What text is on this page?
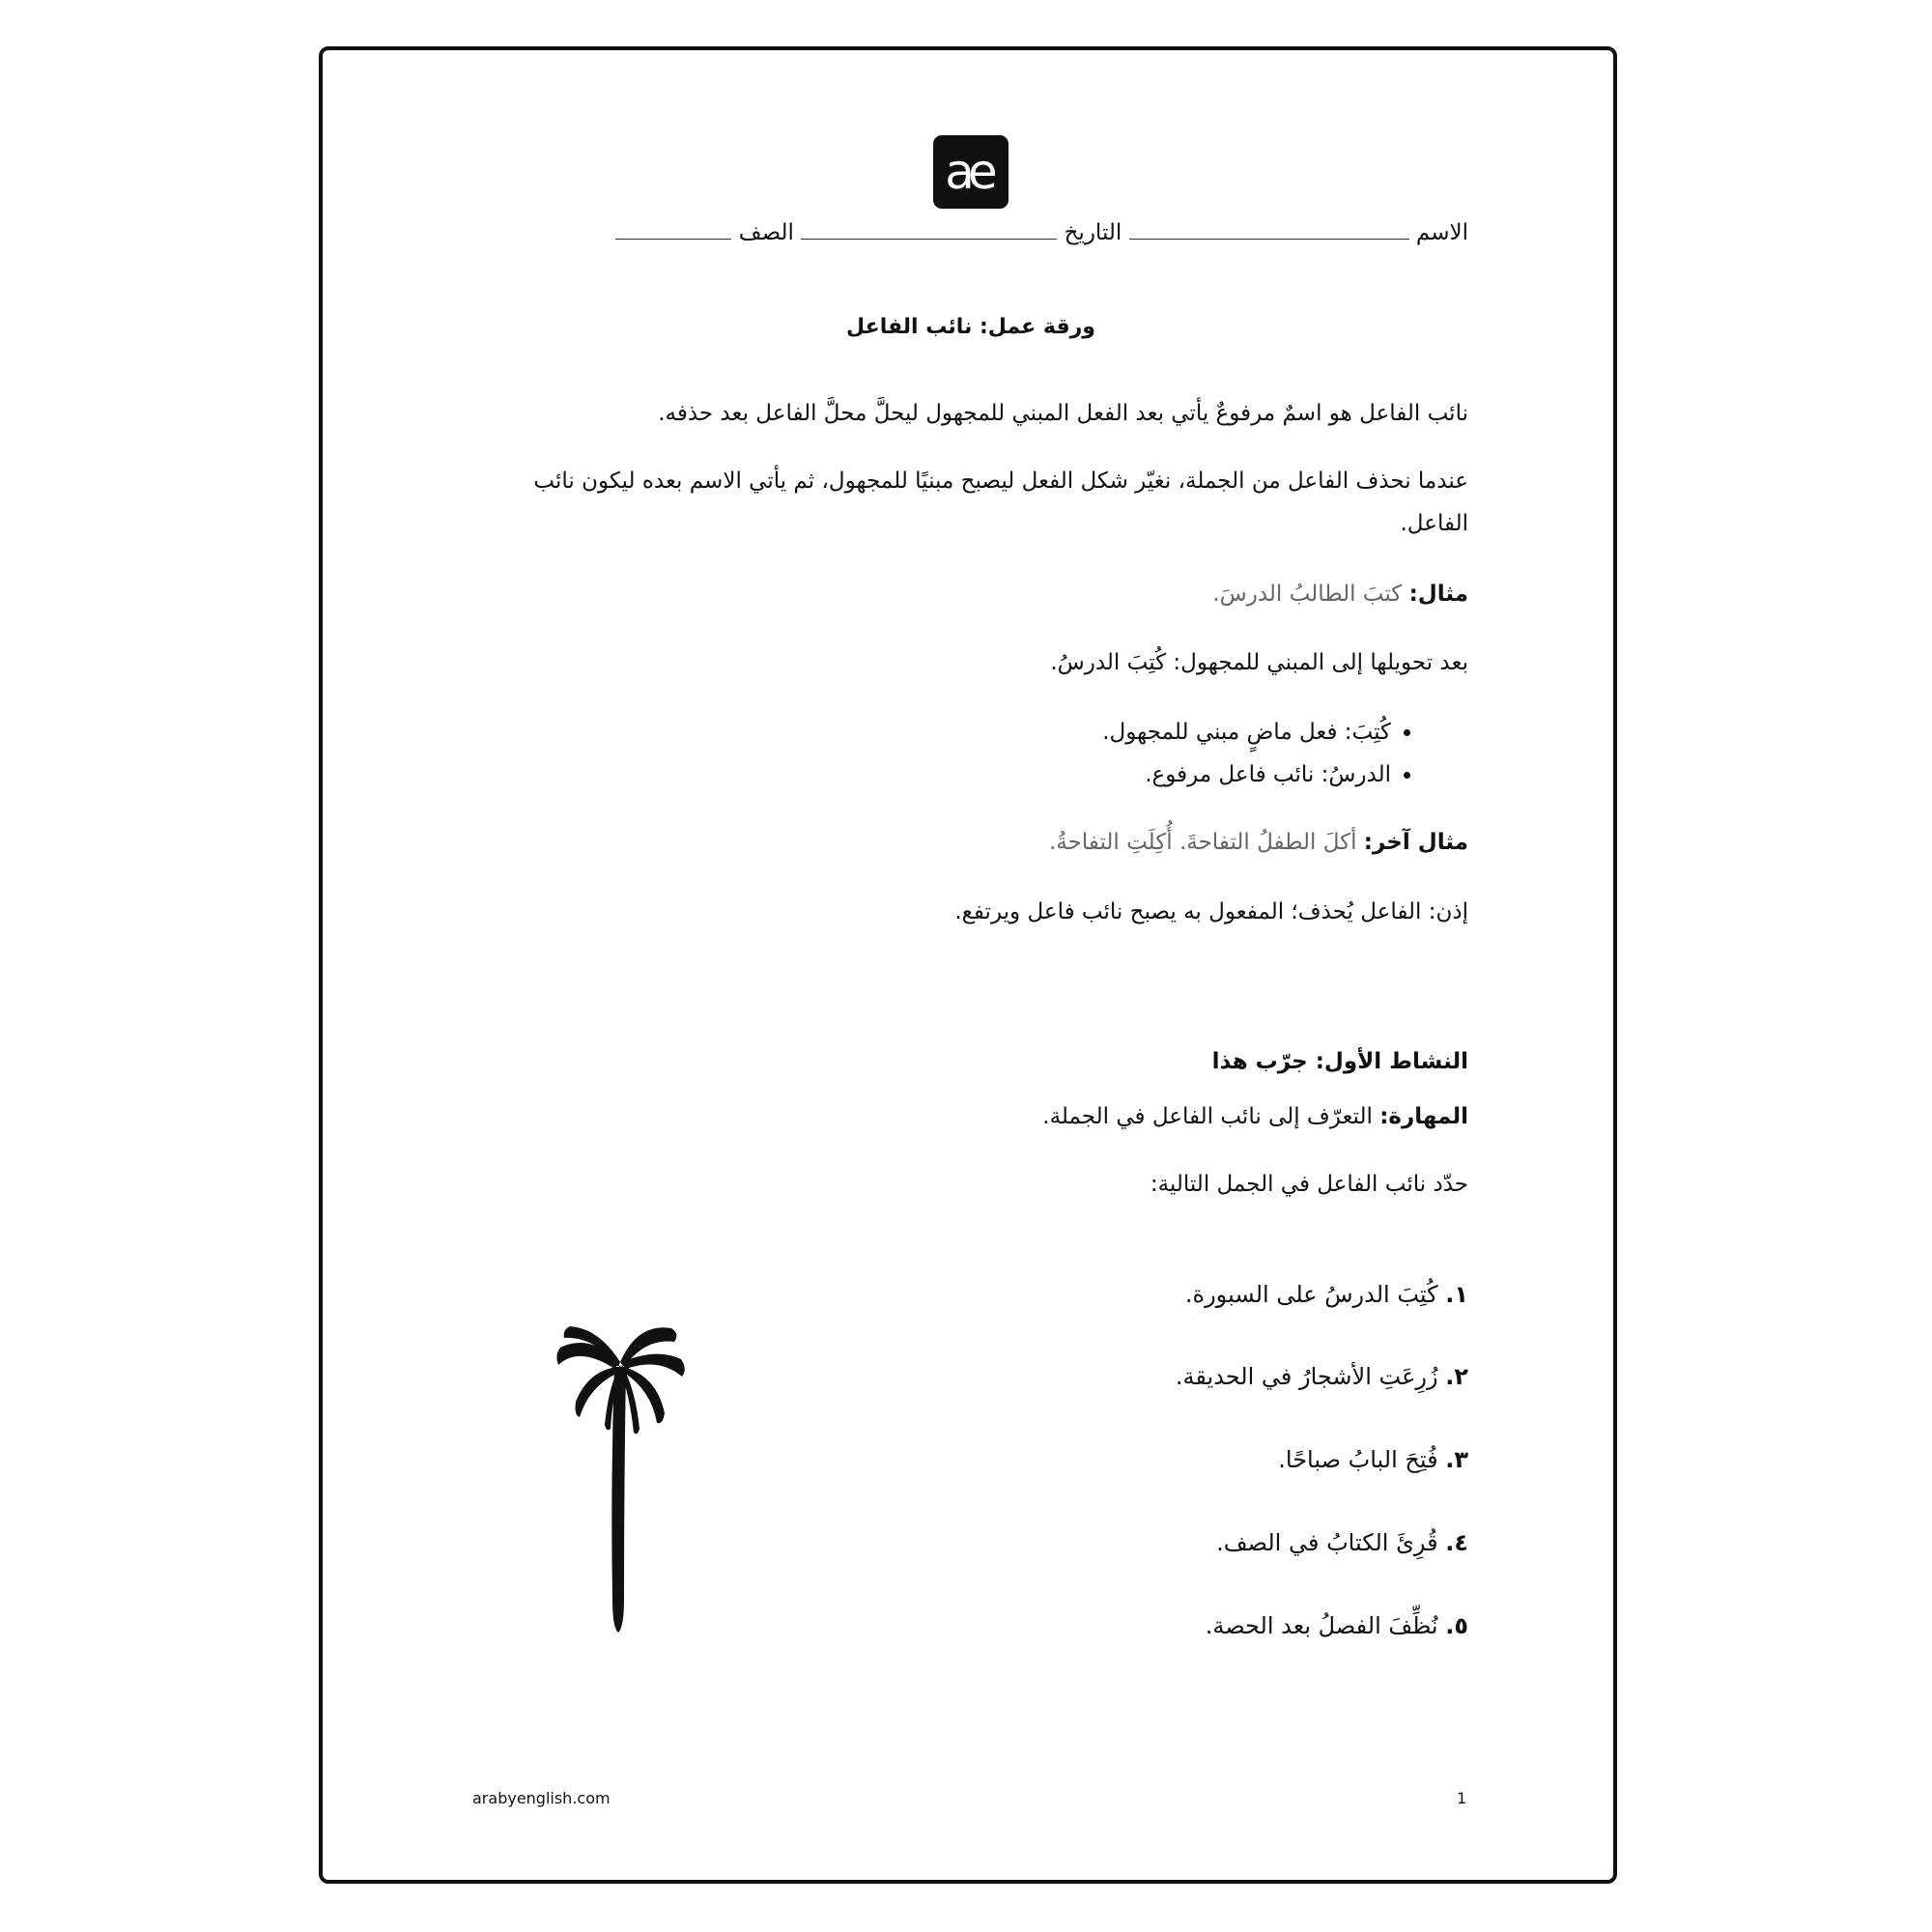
ae
الاسم  التاريخ  الصف
ورقة عمل: نائب الفاعل
نائب الفاعل هو اسمٌ مرفوعٌ يأتي بعد الفعل المبني للمجهول ليحلَّ محلَّ الفاعل بعد حذفه.
عندما نحذف الفاعل من الجملة، نغيّر شكل الفعل ليصبح مبنيًا للمجهول، ثم يأتي الاسم بعده ليكون نائب الفاعل.
مثال: كتبَ الطالبُ الدرسَ.
بعد تحويلها إلى المبني للمجهول: كُتِبَ الدرسُ.
• كُتِبَ: فعل ماضٍ مبني للمجهول.
• الدرسُ: نائب فاعل مرفوع.
مثال آخر: أكلَ الطفلُ التفاحةَ. أُكِلَتِ التفاحةُ.
إذن: الفاعل يُحذف؛ المفعول به يصبح نائب فاعل ويرتفع.
النشاط الأول: جرّب هذا
المهارة: التعرّف إلى نائب الفاعل في الجملة.
حدّد نائب الفاعل في الجمل التالية:
١. كُتِبَ الدرسُ على السبورة.
٢. زُرِعَتِ الأشجارُ في الحديقة.
٣. فُتِحَ البابُ صباحًا.
٤. قُرِئَ الكتابُ في الصف.
٥. نُظِّفَ الفصلُ بعد الحصة.
arabyenglish.com	1
